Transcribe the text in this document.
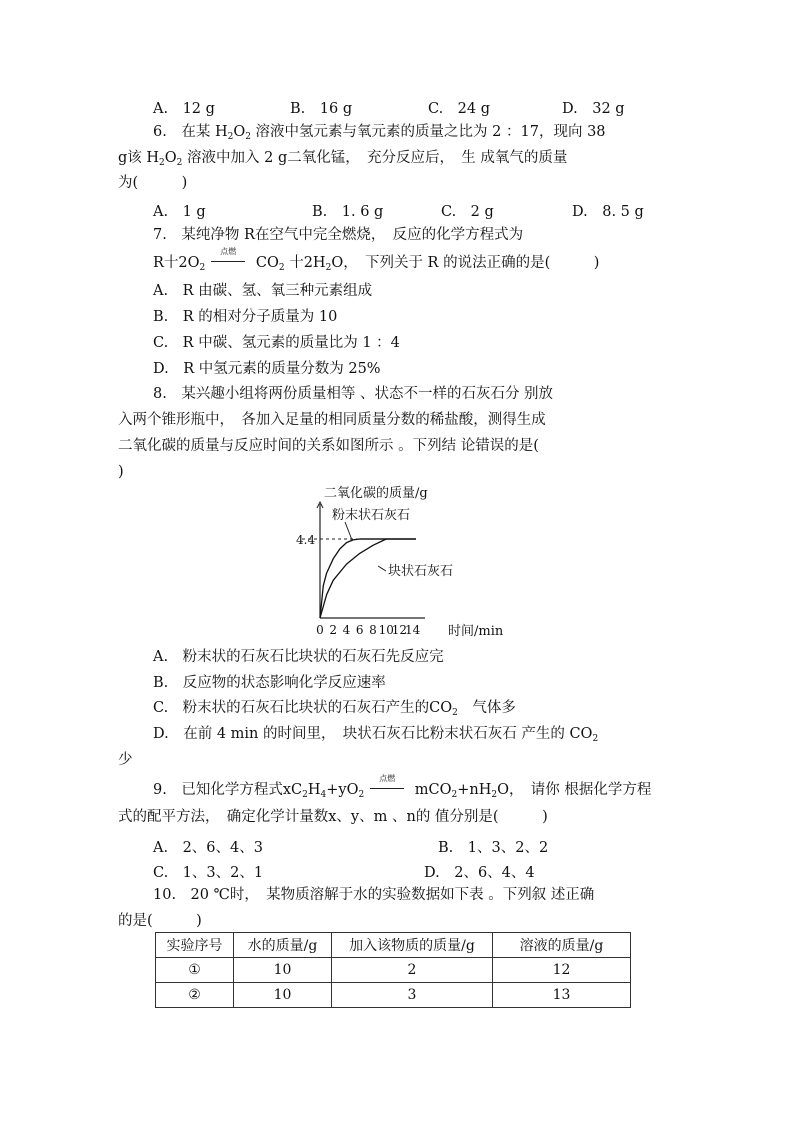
A.　12 g	B.　16 g	C.　24 g	D.　32 g
6.　在某 $H_2O_2$ 溶液中氢元素与氧元素的质量之比为 2 ：17，现向 38
g该 $H_2O_2$ 溶液中加入 2 g二氧化锰，　充分反应后，　生 成氧气的质量
为(　　　)
A.　1 g	B.　1. 6 g	C.　2 g	D.　8. 5 g
7.　某纯净物 R在空气中完全燃烧，　反应的化学方程式为
R十$2O_2$
点燃
$CO_2$ 十$2H_2O$，　下列关于 R 的说法正确的是(　　　)
A.　R 由碳、氢、氧三种元素组成
B.　R 的相对分子质量为 10
C.　R 中碳、氢元素的质量比为 1 ：4
D.　R 中氢元素的质量分数为 25%
8.　某兴趣小组将两份质量相等 、状态不一样的石灰石分 别放
入两个锥形瓶中，　各加入足量的相同质量分数的稀盐酸，测得生成
二氧化碳的质量与反应时间的关系如图所示 。下列结 论错误的是(
)
二氧化碳的质量/g
时间/min
4.4
0 2 4 6 8 10
12
14
粉末状石灰石
块状石灰石
A.　粉末状的石灰石比块状的石灰石先反应完
B.　反应物的状态影响化学反应速率
C.　粉末状的石灰石比块状的石灰石产生的$CO_2$　气体多
D.　在前 4 min 的时间里，　块状石灰石比粉末状石灰石 产生的 $CO_2$
少
9.　已知化学方程式$xC_2H_4+yO_2$
点燃
$mCO_2+nH_2O$，　请你 根据化学方程
式的配平方法，　确定化学计量数x、y、m 、n的 值分别是(　　　)
A.　2、6、4、3	B.　1、3、2、2
C.　1、3、2、1	D.　2、6、4、4
10.　20 ℃时，　某物质溶解于水的实验数据如下表 。下列叙 述正确
的是(　　　)
实验序号	水的质量/g	加入该物质的质量/g	溶液的质量/g
①	10	2	12
②	10	3	13
